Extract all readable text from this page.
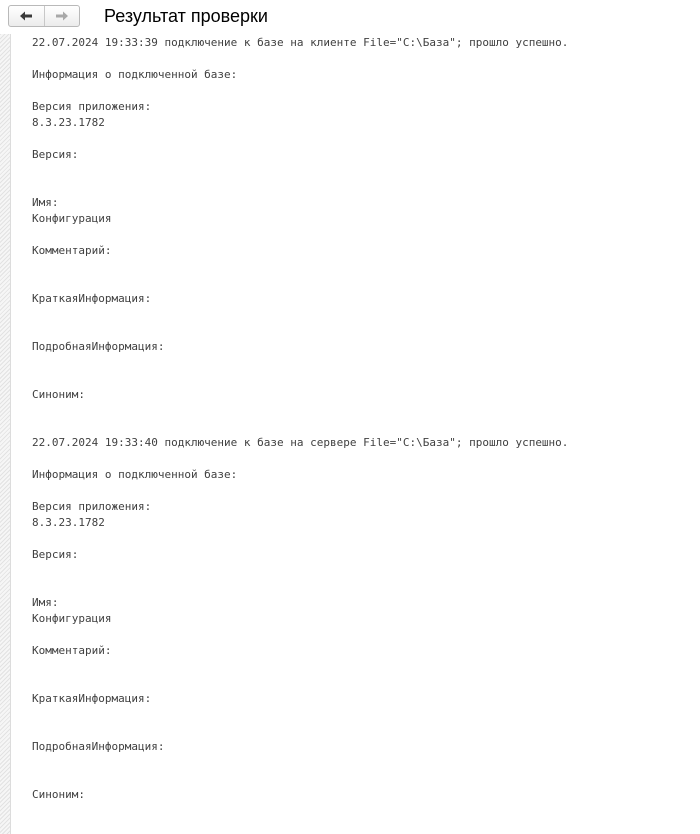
Результат проверки
22.07.2024 19:33:39 подключение к базе на клиенте File="C:\База"; прошло успешно.
Информация о подключенной базе:
Версия приложения:
8.3.23.1782
Версия:
Имя:
Конфигурация
Комментарий:
КраткаяИнформация:
ПодробнаяИнформация:
Синоним:
22.07.2024 19:33:40 подключение к базе на сервере File="C:\База"; прошло успешно.
Информация о подключенной базе:
Версия приложения:
8.3.23.1782
Версия:
Имя:
Конфигурация
Комментарий:
КраткаяИнформация:
ПодробнаяИнформация:
Синоним:
